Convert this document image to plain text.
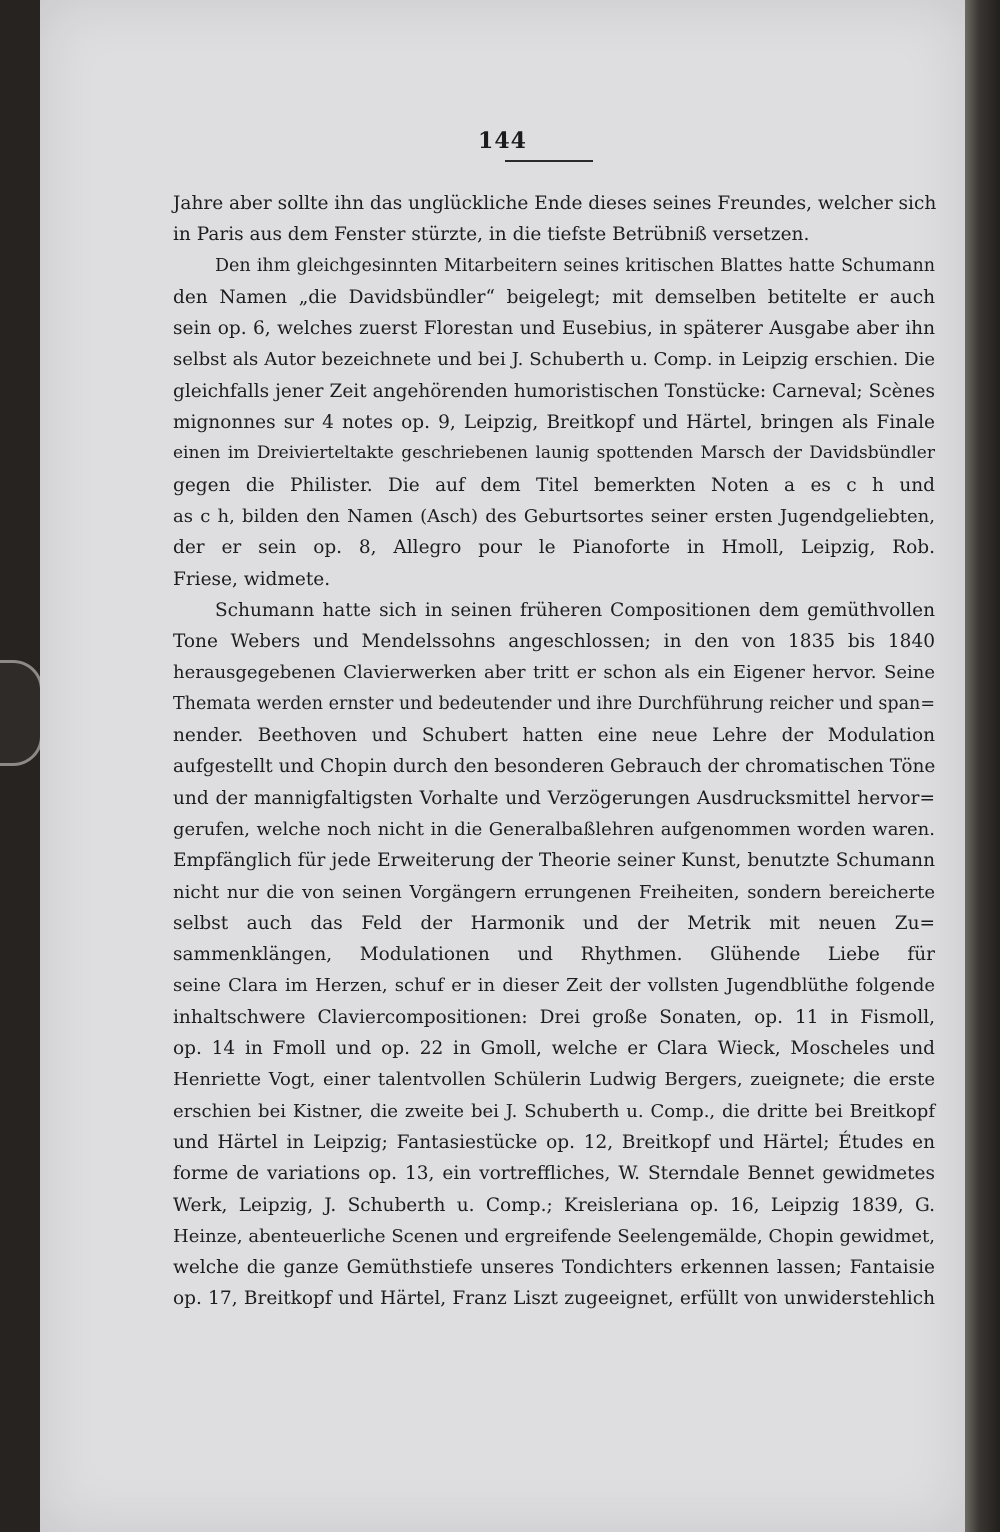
144
Jahre aber sollte ihn das unglückliche Ende dieses seines Freundes, welcher sich
in Paris aus dem Fenster stürzte, in die tiefste Betrübniß versetzen.
Den ihm gleichgesinnten Mitarbeitern seines kritischen Blattes hatte Schumann
den Namen „die Davidsbündler“ beigelegt; mit demselben betitelte er auch
sein op. 6, welches zuerst Florestan und Eusebius, in späterer Ausgabe aber ihn
selbst als Autor bezeichnete und bei J. Schuberth u. Comp. in Leipzig erschien. Die
gleichfalls jener Zeit angehörenden humoristischen Tonstücke: Carneval; Scènes
mignonnes sur 4 notes op. 9, Leipzig, Breitkopf und Härtel, bringen als Finale
einen im Dreivierteltakte geschriebenen launig spottenden Marsch der Davidsbündler
gegen die Philister. Die auf dem Titel bemerkten Noten a es c h und
as c h, bilden den Namen (Asch) des Geburtsortes seiner ersten Jugendgeliebten,
der er sein op. 8, Allegro pour le Pianoforte in Hmoll, Leipzig, Rob.
Friese, widmete.
Schumann hatte sich in seinen früheren Compositionen dem gemüthvollen
Tone Webers und Mendelssohns angeschlossen; in den von 1835 bis 1840
herausgegebenen Clavierwerken aber tritt er schon als ein Eigener hervor. Seine
Themata werden ernster und bedeutender und ihre Durchführung reicher und span=
nender. Beethoven und Schubert hatten eine neue Lehre der Modulation
aufgestellt und Chopin durch den besonderen Gebrauch der chromatischen Töne
und der mannigfaltigsten Vorhalte und Verzögerungen Ausdrucksmittel hervor=
gerufen, welche noch nicht in die Generalbaßlehren aufgenommen worden waren.
Empfänglich für jede Erweiterung der Theorie seiner Kunst, benutzte Schumann
nicht nur die von seinen Vorgängern errungenen Freiheiten, sondern bereicherte
selbst auch das Feld der Harmonik und der Metrik mit neuen Zu=
sammenklängen, Modulationen und Rhythmen. Glühende Liebe für
seine Clara im Herzen, schuf er in dieser Zeit der vollsten Jugendblüthe folgende
inhaltschwere Claviercompositionen: Drei große Sonaten, op. 11 in Fismoll,
op. 14 in Fmoll und op. 22 in Gmoll, welche er Clara Wieck, Moscheles und
Henriette Vogt, einer talentvollen Schülerin Ludwig Bergers, zueignete; die erste
erschien bei Kistner, die zweite bei J. Schuberth u. Comp., die dritte bei Breitkopf
und Härtel in Leipzig; Fantasiestücke op. 12, Breitkopf und Härtel; Études en
forme de variations op. 13, ein vortreffliches, W. Sterndale Bennet gewidmetes
Werk, Leipzig, J. Schuberth u. Comp.; Kreisleriana op. 16, Leipzig 1839, G.
Heinze, abenteuerliche Scenen und ergreifende Seelengemälde, Chopin gewidmet,
welche die ganze Gemüthstiefe unseres Tondichters erkennen lassen; Fantaisie
op. 17, Breitkopf und Härtel, Franz Liszt zugeeignet, erfüllt von unwiderstehlich
